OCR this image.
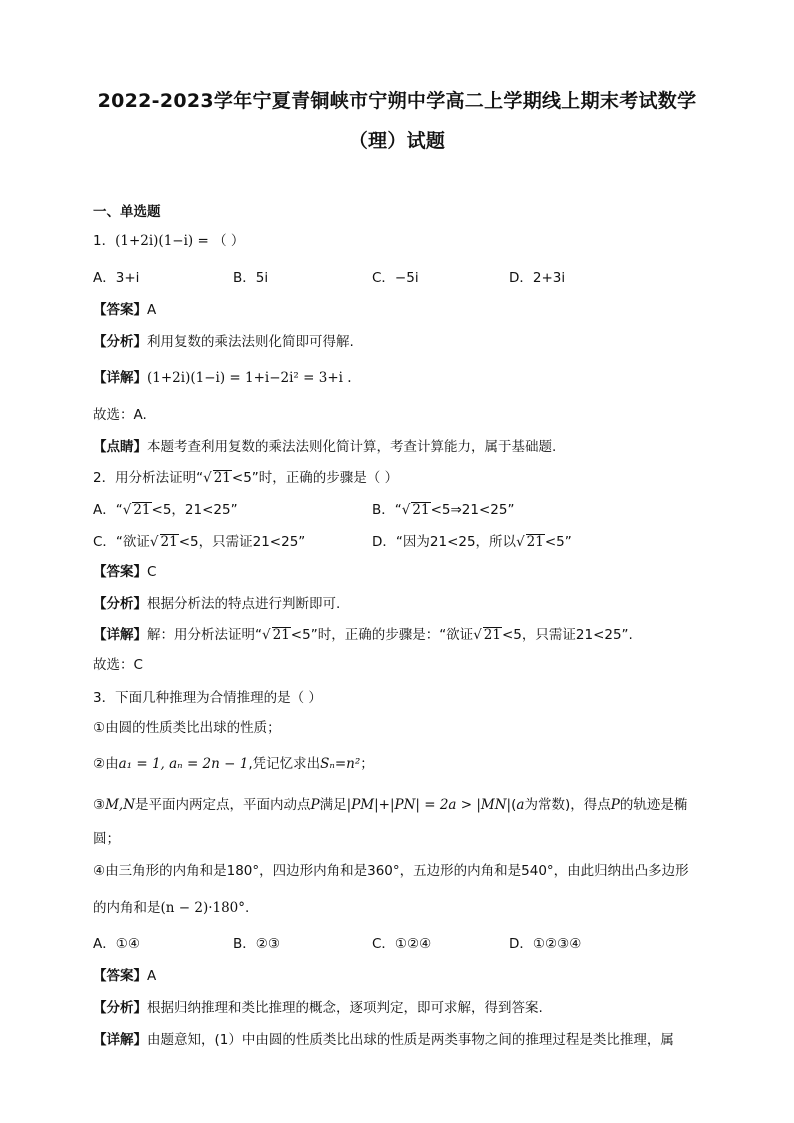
2022-2023学年宁夏青铜峡市宁朔中学高二上学期线上期末考试数学
（理）试题
一、单选题
1．(1+2i)(1−i) = （ ）
A．3+i	B．5i	C．−5i	D．2+3i
【答案】A
【分析】利用复数的乘法法则化简即可得解.
【详解】(1+2i)(1−i) = 1+i−2i² = 3+i .
故选：A.
【点睛】本题考查利用复数的乘法法则化简计算，考查计算能力，属于基础题.
2．用分析法证明“√ 21<5”时，正确的步骤是（ ）
A．“√ 21<5，21<25”	B．“√ 21<5⇒21<25”
C．“欲证√ 21<5，只需证21<25”	D．“因为21<25，所以√ 21<5”
【答案】C
【分析】根据分析法的特点进行判断即可.
【详解】解：用分析法证明“√ 21<5”时，正确的步骤是：“欲证√ 21<5，只需证21<25”.
故选：C
3．下面几种推理为合情推理的是（ ）
①由圆的性质类比出球的性质；
②由a₁ = 1, aₙ = 2n − 1,凭记忆求出Sₙ=n²；
③M,N是平面内两定点，平面内动点P满足|PM|+|PN| = 2a > |MN|(a为常数)，得点P的轨迹是椭
圆；
④由三角形的内角和是180°，四边形内角和是360°，五边形的内角和是540°，由此归纳出凸多边形
的内角和是(n − 2)·180°.
A．①④	B．②③	C．①②④	D．①②③④
【答案】A
【分析】根据归纳推理和类比推理的概念，逐项判定，即可求解，得到答案.
【详解】由题意知，(1）中由圆的性质类比出球的性质是两类事物之间的推理过程是类比推理，属
